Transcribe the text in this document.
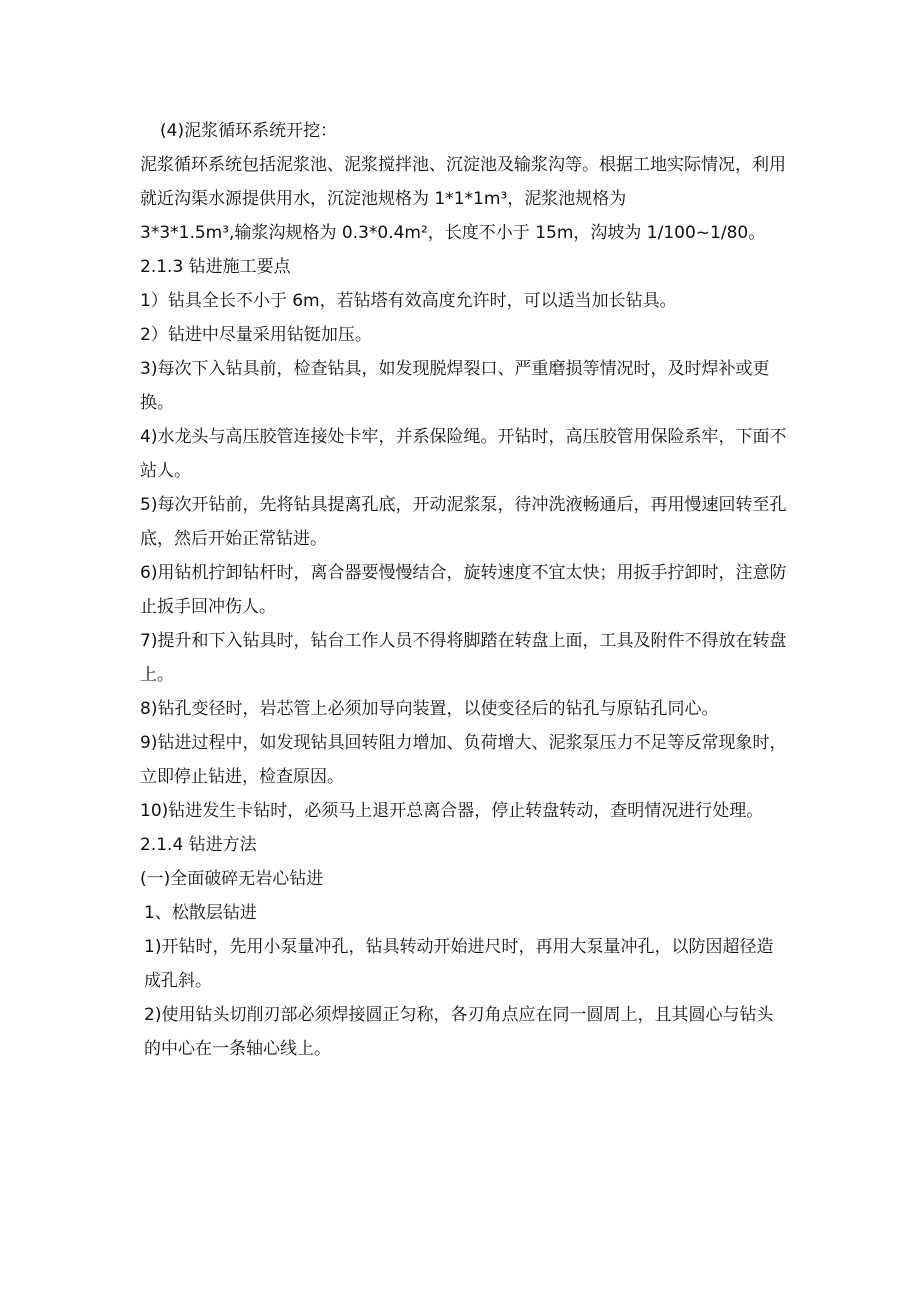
(4)泥浆循环系统开挖：

泥浆循环系统包括泥浆池、泥浆搅拌池、沉淀池及输浆沟等。根据工地实际情况，利用就近沟渠水源提供用水，沉淀池规格为 1*1*1m³，泥浆池规格为

3*3*1.5m³,输浆沟规格为 0.3*0.4m²，长度不小于 15m，沟坡为 1/100~1/80。

2.1.3 钻进施工要点

1）钻具全长不小于 6m，若钻塔有效高度允许时，可以适当加长钻具。

2）钻进中尽量采用钻铤加压。

3)每次下入钻具前，检查钻具，如发现脱焊裂口、严重磨损等情况时，及时焊补或更换。

4)水龙头与高压胶管连接处卡牢，并系保险绳。开钻时，高压胶管用保险系牢，下面不站人。

5)每次开钻前，先将钻具提离孔底，开动泥浆泵，待冲洗液畅通后，再用慢速回转至孔底，然后开始正常钻进。

6)用钻机拧卸钻杆时，离合器要慢慢结合，旋转速度不宜太快；用扳手拧卸时，注意防止扳手回冲伤人。

7)提升和下入钻具时，钻台工作人员不得将脚踏在转盘上面，工具及附件不得放在转盘上。

8)钻孔变径时，岩芯管上必须加导向装置，以使变径后的钻孔与原钻孔同心。

9)钻进过程中，如发现钻具回转阻力增加、负荷增大、泥浆泵压力不足等反常现象时，立即停止钻进，检查原因。

10)钻进发生卡钻时，必须马上退开总离合器，停止转盘转动，查明情况进行处理。

2.1.4 钻进方法

(一)全面破碎无岩心钻进

1、松散层钻进

1)开钻时，先用小泵量冲孔，钻具转动开始进尺时，再用大泵量冲孔，以防因超径造成孔斜。

2)使用钻头切削刃部必须焊接圆正匀称，各刃角点应在同一圆周上，且其圆心与钻头的中心在一条轴心线上。
